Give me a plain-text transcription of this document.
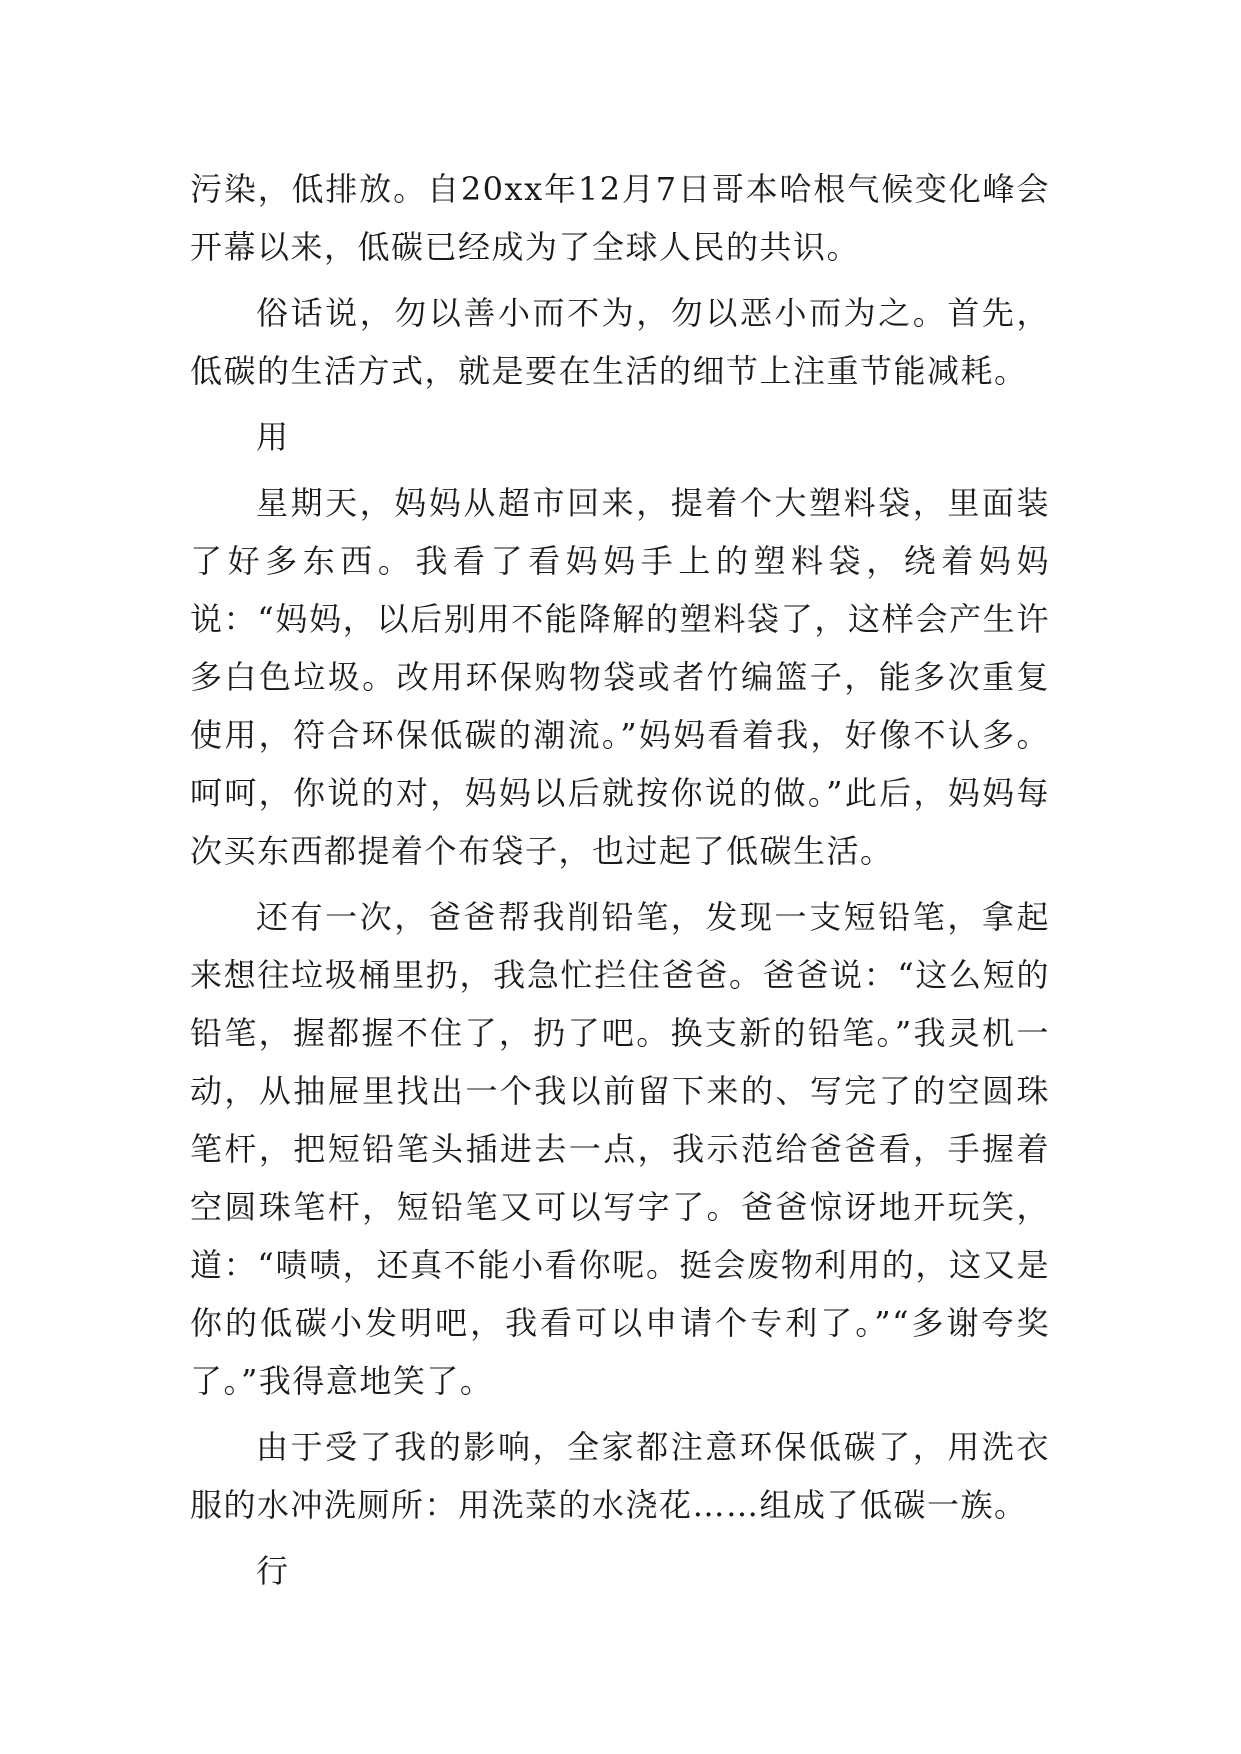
污染，低排放。自20xx年12月7日哥本哈根气候变化峰会开幕以来，低碳已经成为了全球人民的共识。

俗话说，勿以善小而不为，勿以恶小而为之。首先，低碳的生活方式，就是要在生活的细节上注重节能减耗。

用

星期天，妈妈从超市回来，提着个大塑料袋，里面装了好多东西。我看了看妈妈手上的塑料袋，绕着妈妈说：“妈妈，以后别用不能降解的塑料袋了，这样会产生许多白色垃圾。改用环保购物袋或者竹编篮子，能多次重复使用，符合环保低碳的潮流。”妈妈看着我，好像不认多。呵呵，你说的对，妈妈以后就按你说的做。”此后，妈妈每次买东西都提着个布袋子，也过起了低碳生活。

还有一次，爸爸帮我削铅笔，发现一支短铅笔，拿起来想往垃圾桶里扔，我急忙拦住爸爸。爸爸说：“这么短的铅笔，握都握不住了，扔了吧。换支新的铅笔。”我灵机一动，从抽屉里找出一个我以前留下来的、写完了的空圆珠笔杆，把短铅笔头插进去一点，我示范给爸爸看，手握着空圆珠笔杆，短铅笔又可以写字了。爸爸惊讶地开玩笑，道：“啧啧，还真不能小看你呢。挺会废物利用的，这又是你的低碳小发明吧，我看可以申请个专利了。”“多谢夸奖了。”我得意地笑了。

由于受了我的影响，全家都注意环保低碳了，用洗衣服的水冲洗厕所：用洗菜的水浇花……组成了低碳一族。

行
